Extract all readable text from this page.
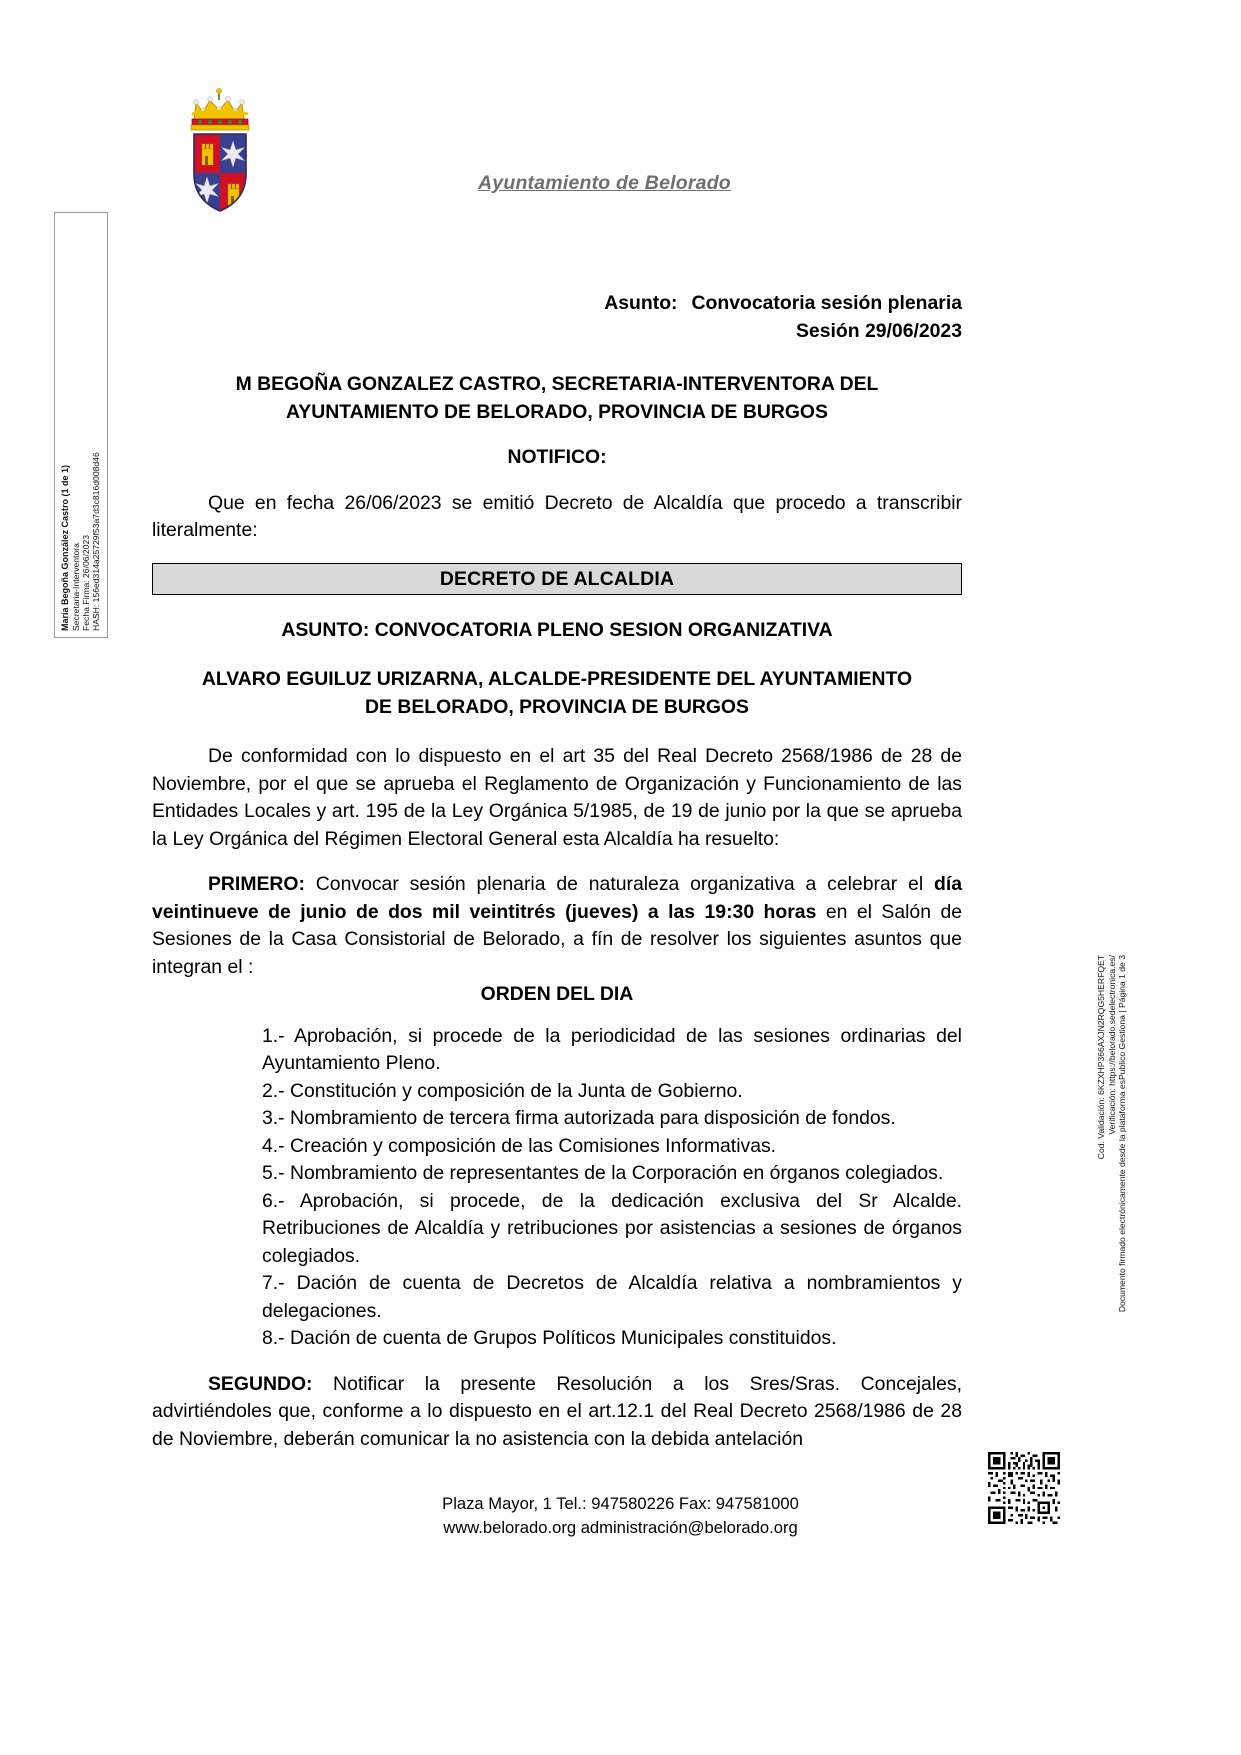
Ayuntamiento de Belorado
María Begoña González Castro (1 de 1) Secretaria-Interventora Fecha Firma: 26/06/2023 HASH: 156ed314a25729f53a7d3c816d008d46
Cod. Validación: 6KZXHP366AXJN2RQG5HERFQET Verificación: https://belorado.sedelectronica.es/ Documento firmado electrónicamente desde la plataforma esPublico Gestiona | Página 1 de 3
Asunto: Convocatoria sesión plenaria
Sesión 29/06/2023

M BEGOÑA GONZALEZ CASTRO, SECRETARIA-INTERVENTORA DEL

AYUNTAMIENTO DE BELORADO, PROVINCIA DE BURGOS

NOTIFICO:

Que en fecha 26/06/2023 se emitió Decreto de Alcaldía que procedo a transcribir literalmente:

DECRETO DE ALCALDIA

ASUNTO: CONVOCATORIA PLENO SESION ORGANIZATIVA

ALVARO EGUILUZ URIZARNA, ALCALDE-PRESIDENTE DEL AYUNTAMIENTO

DE BELORADO, PROVINCIA DE BURGOS

De conformidad con lo dispuesto en el art 35 del Real Decreto 2568/1986 de 28 de Noviembre, por el que se aprueba el Reglamento de Organización y Funcionamiento de las Entidades Locales y art. 195 de la Ley Orgánica 5/1985, de 19 de junio por la que se aprueba la Ley Orgánica del Régimen Electoral General esta Alcaldía ha resuelto:

PRIMERO: Convocar sesión plenaria de naturaleza organizativa a celebrar el día veintinueve de junio de dos mil veintitrés (jueves) a las 19:30 horas en el Salón de Sesiones de la Casa Consistorial de Belorado, a fín de resolver los siguientes asuntos que integran el :

ORDEN DEL DIA

1.- Aprobación, si procede de la periodicidad de las sesiones ordinarias del Ayuntamiento Pleno.
2.- Constitución y composición de la Junta de Gobierno.
3.- Nombramiento de tercera firma autorizada para disposición de fondos.
4.- Creación y composición de las Comisiones Informativas.
5.- Nombramiento de representantes de la Corporación en órganos colegiados.
6.- Aprobación, si procede, de la dedicación exclusiva del Sr Alcalde. Retribuciones de Alcaldía y retribuciones por asistencias a sesiones de órganos colegiados.
7.- Dación de cuenta de Decretos de Alcaldía relativa a nombramientos y delegaciones.
8.- Dación de cuenta de Grupos Políticos Municipales constituidos.

SEGUNDO: Notificar la presente Resolución a los Sres/Sras. Concejales, advirtiéndoles que, conforme a lo dispuesto en el art.12.1 del Real Decreto 2568/1986 de 28 de Noviembre, deberán comunicar la no asistencia con la debida antelación

Plaza Mayor, 1 Tel.: 947580226 Fax: 947581000
www.belorado.org administración@belorado.org
